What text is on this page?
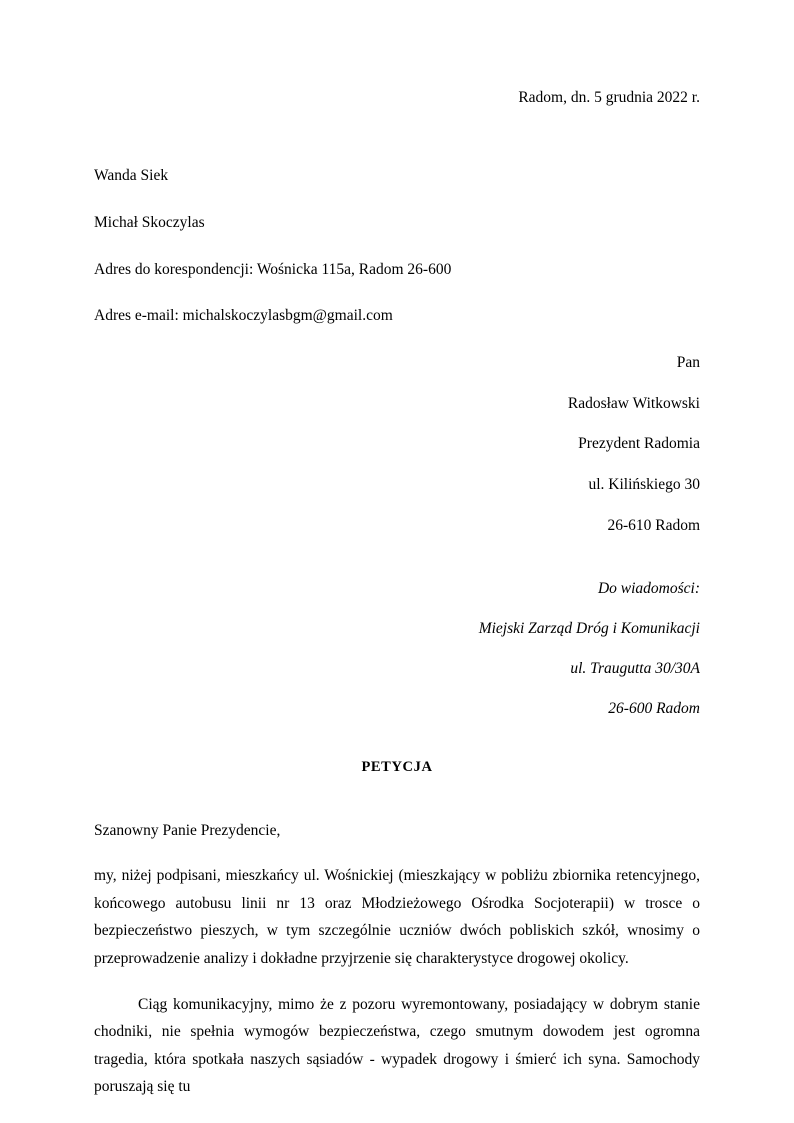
Radom, dn. 5 grudnia 2022 r.

Wanda Siek

Michał Skoczylas

Adres do korespondencji: Wośnicka 115a, Radom 26-600

Adres e-mail: michalskoczylasbgm@gmail.com

Pan

Radosław Witkowski

Prezydent Radomia

ul. Kilińskiego 30

26-610 Radom

Do wiadomości:

Miejski Zarząd Dróg i Komunikacji

ul. Traugutta 30/30A

26-600 Radom

PETYCJA
Szanowny Panie Prezydencie,

my, niżej podpisani, mieszkańcy ul. Wośnickiej (mieszkający w pobliżu zbiornika retencyjnego, końcowego autobusu linii nr 13 oraz Młodzieżowego Ośrodka Socjoterapii) w trosce o bezpieczeństwo pieszych, w tym szczególnie uczniów dwóch pobliskich szkół, wnosimy o przeprowadzenie analizy i dokładne przyjrzenie się charakterystyce drogowej okolicy.

Ciąg komunikacyjny, mimo że z pozoru wyremontowany, posiadający w dobrym stanie chodniki, nie spełnia wymogów bezpieczeństwa, czego smutnym dowodem jest ogromna tragedia, która spotkała naszych sąsiadów - wypadek drogowy i śmierć ich syna. Samochody poruszają się tu
